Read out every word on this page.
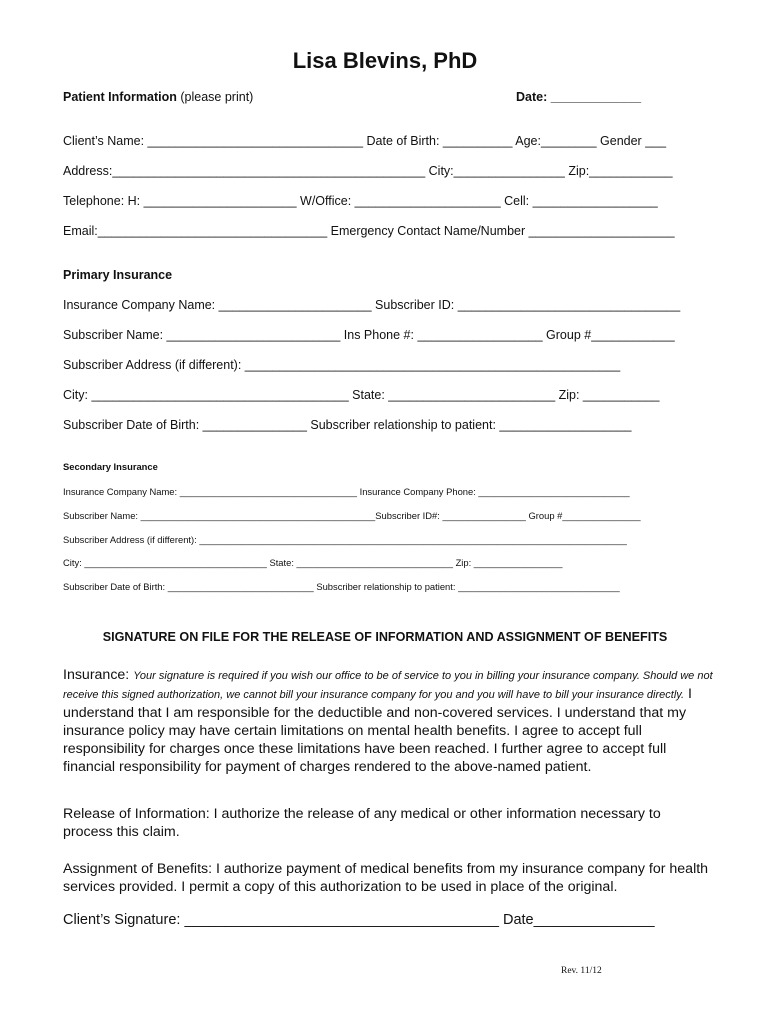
Lisa Blevins, PhD
Patient Information (please print)	Date: _____________
Client’s Name: _______________________________ Date of Birth: __________ Age:________ Gender ___
Address:_____________________________________________ City:________________ Zip:____________
Telephone: H: ______________________ W/Office: _____________________ Cell: __________________
Email:_________________________________ Emergency Contact Name/Number _____________________
Primary Insurance
Insurance Company Name: ______________________ Subscriber ID: ________________________________
Subscriber Name: _________________________ Ins Phone #: __________________ Group #____________
Subscriber Address (if different): ______________________________________________________
City: _____________________________________ State: ________________________ Zip: ___________
Subscriber Date of Birth: _______________ Subscriber relationship to patient: ___________________
Secondary Insurance
Insurance Company Name: __________________________________ Insurance Company Phone: _____________________________
Subscriber Name: _____________________________________________Subscriber ID#: ________________ Group #_______________
Subscriber Address (if different): __________________________________________________________________________________
City: ___________________________________ State: ______________________________ Zip: _________________
Subscriber Date of Birth: ____________________________ Subscriber relationship to patient: _______________________________
SIGNATURE ON FILE FOR THE RELEASE OF INFORMATION AND ASSIGNMENT OF BENEFITS
Insurance: Your signature is required if you wish our office to be of service to you in billing your insurance company. Should we not receive this signed authorization, we cannot bill your insurance company for you and you will have to bill your insurance directly. I understand that I am responsible for the deductible and non-covered services. I understand that my insurance policy may have certain limitations on mental health benefits. I agree to accept full responsibility for charges once these limitations have been reached. I further agree to accept full financial responsibility for payment of charges rendered to the above-named patient.
Release of Information: I authorize the release of any medical or other information necessary to process this claim.
Assignment of Benefits: I authorize payment of medical benefits from my insurance company for health services provided. I permit a copy of this authorization to be used in place of the original.
Client’s Signature: _______________________________________ Date_______________
Rev. 11/12
